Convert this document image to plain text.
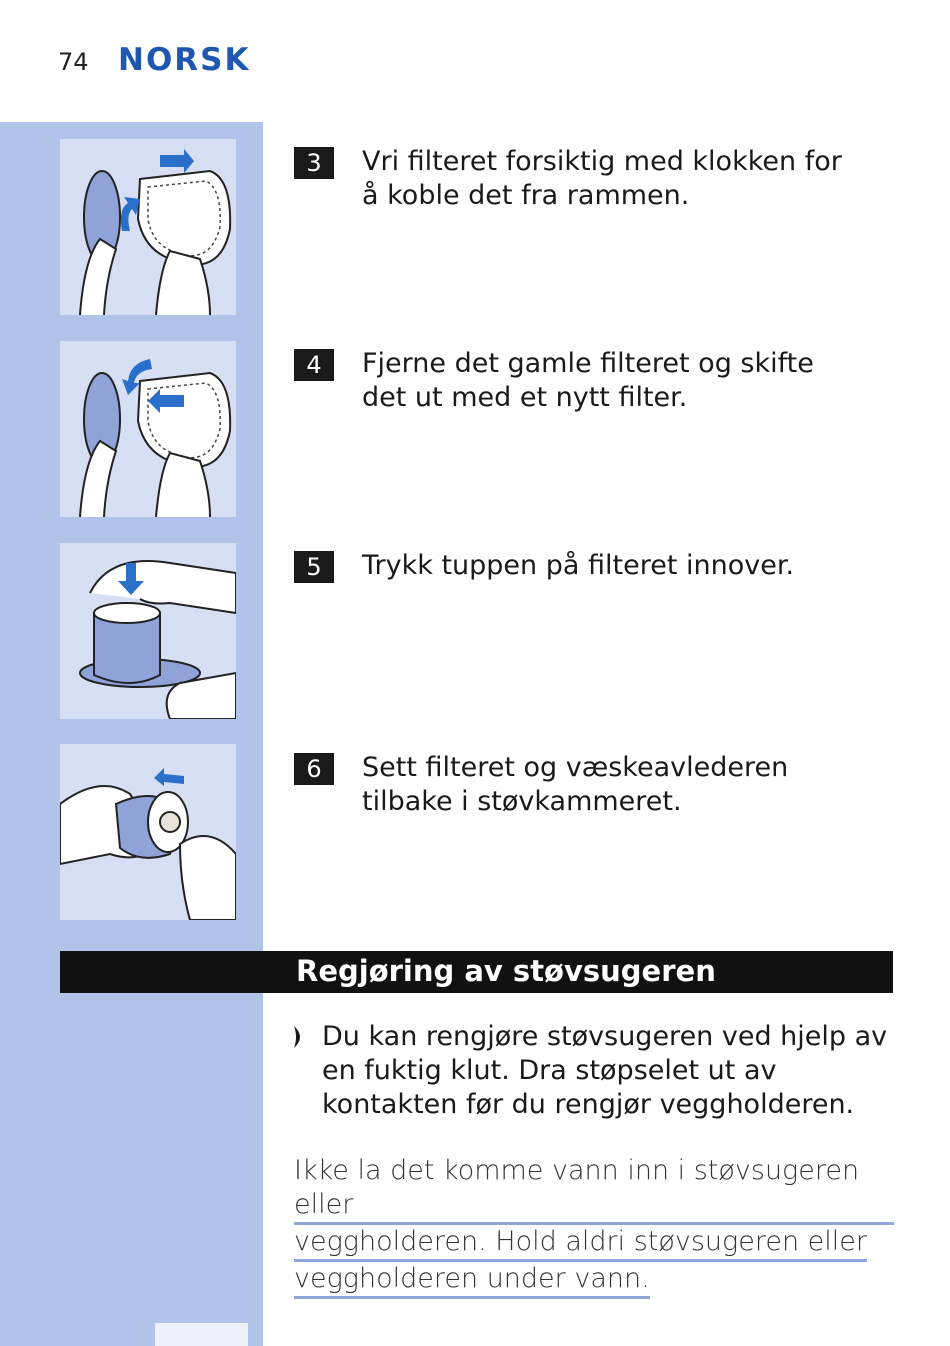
74 NORSK
3	Vri filteret forsiktig med klokken for å koble det fra rammen.
4	Fjerne det gamle filteret og skifte det ut med et nytt filter.
5	Trykk tuppen på filteret innover.
6	Sett filteret og væskeavlederen tilbake i støvkammeret.
Regjøring av støvsugeren
Du kan rengjøre støvsugeren ved hjelp av en fuktig klut. Dra støpselet ut av kontakten før du rengjør veggholderen.
Ikke la det komme vann inn i støvsugeren eller
veggholderen. Hold aldri støvsugeren eller
veggholderen under vann.
